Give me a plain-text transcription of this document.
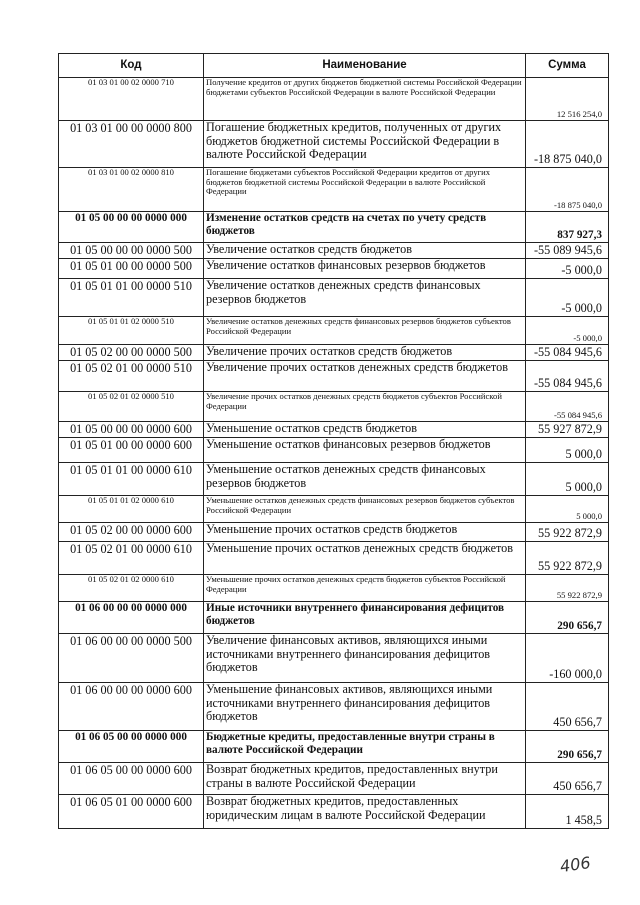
Код	Наименование	Сумма
01 03 01 00 02 0000 710	Получение кредитов от других бюджетов бюджетной системы Российской Федерации бюджетами субъектов Российской Федерации в валюте Российской Федерации	12 516 254,0
01 03 01 00 00 0000 800	Погашение бюджетных кредитов, полученных от других бюджетов бюджетной системы Российской Федерации в валюте Российской Федерации	-18 875 040,0
01 03 01 00 02 0000 810	Погашение бюджетами субъектов Российской Федерации кредитов от других бюджетов бюджетной системы Российской Федерации в валюте Российской Федерации	-18 875 040,0
01 05 00 00 00 0000 000	Изменение остатков средств на счетах по учету средств бюджетов	837 927,3
01 05 00 00 00 0000 500	Увеличение остатков средств бюджетов	-55 089 945,6
01 05 01 00 00 0000 500	Увеличение остатков финансовых резервов бюджетов	-5 000,0
01 05 01 01 00 0000 510	Увеличение остатков денежных средств финансовых резервов бюджетов	-5 000,0
01 05 01 01 02 0000 510	Увеличение остатков денежных средств финансовых резервов бюджетов субъектов Российской Федерации	-5 000,0
01 05 02 00 00 0000 500	Увеличение прочих остатков средств бюджетов	-55 084 945,6
01 05 02 01 00 0000 510	Увеличение прочих остатков денежных средств бюджетов	-55 084 945,6
01 05 02 01 02 0000 510	Увеличение прочих остатков денежных средств бюджетов субъектов Российской Федерации	-55 084 945,6
01 05 00 00 00 0000 600	Уменьшение остатков средств бюджетов	55 927 872,9
01 05 01 00 00 0000 600	Уменьшение остатков финансовых резервов бюджетов	5 000,0
01 05 01 01 00 0000 610	Уменьшение остатков денежных средств финансовых резервов бюджетов	5 000,0
01 05 01 01 02 0000 610	Уменьшение остатков денежных средств финансовых резервов бюджетов субъектов Российской Федерации	5 000,0
01 05 02 00 00 0000 600	Уменьшение прочих остатков средств бюджетов	55 922 872,9
01 05 02 01 00 0000 610	Уменьшение прочих остатков денежных средств бюджетов	55 922 872,9
01 05 02 01 02 0000 610	Уменьшение прочих остатков денежных средств бюджетов субъектов Российской Федерации	55 922 872,9
01 06 00 00 00 0000 000	Иные источники внутреннего финансирования дефицитов бюджетов	290 656,7
01 06 00 00 00 0000 500	Увеличение финансовых активов, являющихся иными источниками внутреннего финансирования дефицитов бюджетов	-160 000,0
01 06 00 00 00 0000 600	Уменьшение финансовых активов, являющихся иными источниками внутреннего финансирования дефицитов бюджетов	450 656,7
01 06 05 00 00 0000 000	Бюджетные кредиты, предоставленные внутри страны в валюте Российской Федерации	290 656,7
01 06 05 00 00 0000 600	Возврат бюджетных кредитов, предоставленных внутри страны в валюте Российской Федерации	450 656,7
01 06 05 01 00 0000 600	Возврат бюджетных кредитов, предоставленных юридическим лицам в валюте Российской Федерации	1 458,5
406
